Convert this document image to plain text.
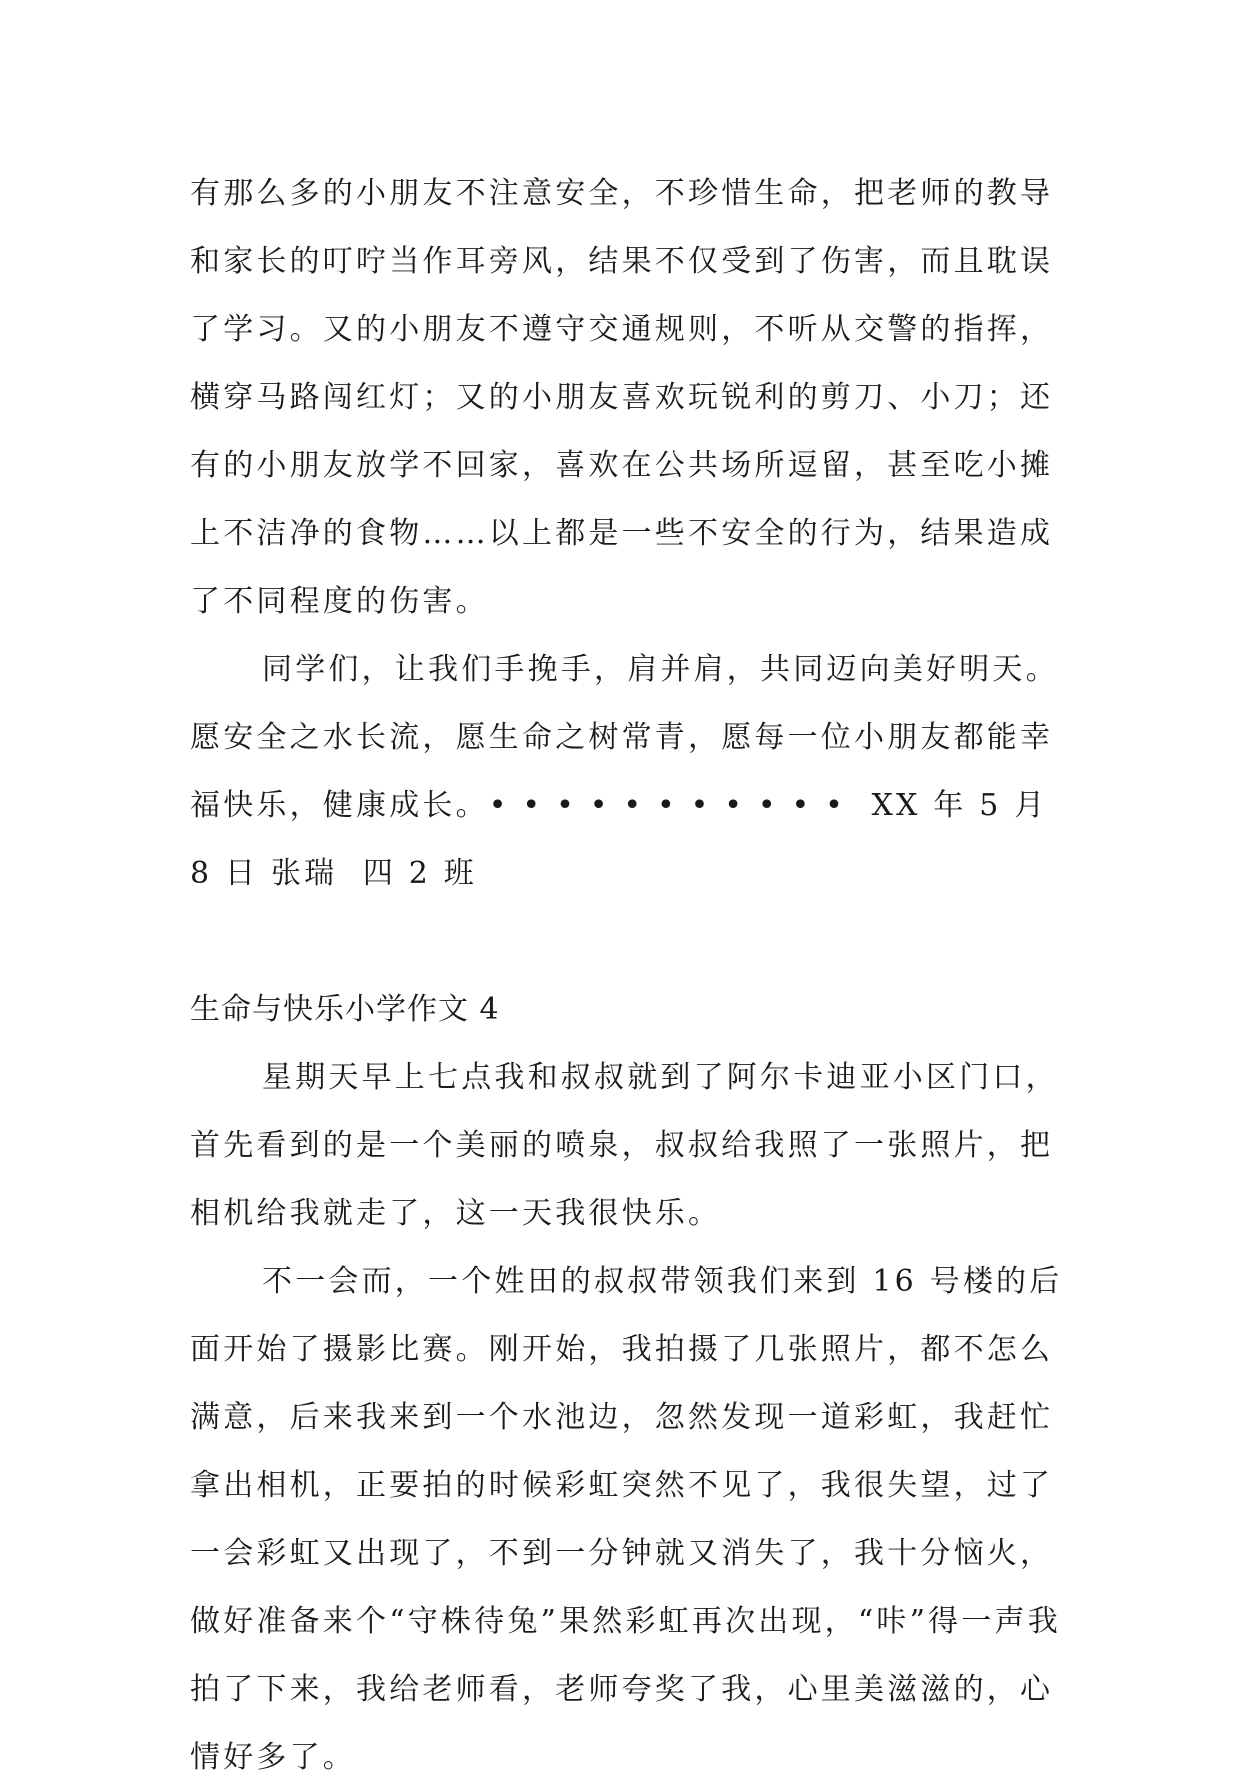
有那么多的小朋友不注意安全，不珍惜生命，把老师的教导和家长的叮咛当作耳旁风，结果不仅受到了伤害，而且耽误了学习。又的小朋友不遵守交通规则，不听从交警的指挥，横穿马路闯红灯；又的小朋友喜欢玩锐利的剪刀、小刀；还有的小朋友放学不回家，喜欢在公共场所逗留，甚至吃小摊上不洁净的食物……以上都是一些不安全的行为，结果造成了不同程度的伤害。

同学们，让我们手挽手，肩并肩，共同迈向美好明天。愿安全之水长流，愿生命之树常青，愿每一位小朋友都能幸福快乐，健康成长。• • • • • • • • • • •  XX 年 5 月 8 日 张瑞  四 2 班

生命与快乐小学作文 4

星期天早上七点我和叔叔就到了阿尔卡迪亚小区门口，首先看到的是一个美丽的喷泉，叔叔给我照了一张照片，把相机给我就走了，这一天我很快乐。

不一会而，一个姓田的叔叔带领我们来到 16 号楼的后面开始了摄影比赛。刚开始，我拍摄了几张照片，都不怎么满意，后来我来到一个水池边，忽然发现一道彩虹，我赶忙拿出相机，正要拍的时候彩虹突然不见了，我很失望，过了一会彩虹又出现了，不到一分钟就又消失了，我十分恼火，做好准备来个“守株待兔”果然彩虹再次出现，“咔”得一声我拍了下来，我给老师看，老师夸奖了我，心里美滋滋的，心情好多了。
